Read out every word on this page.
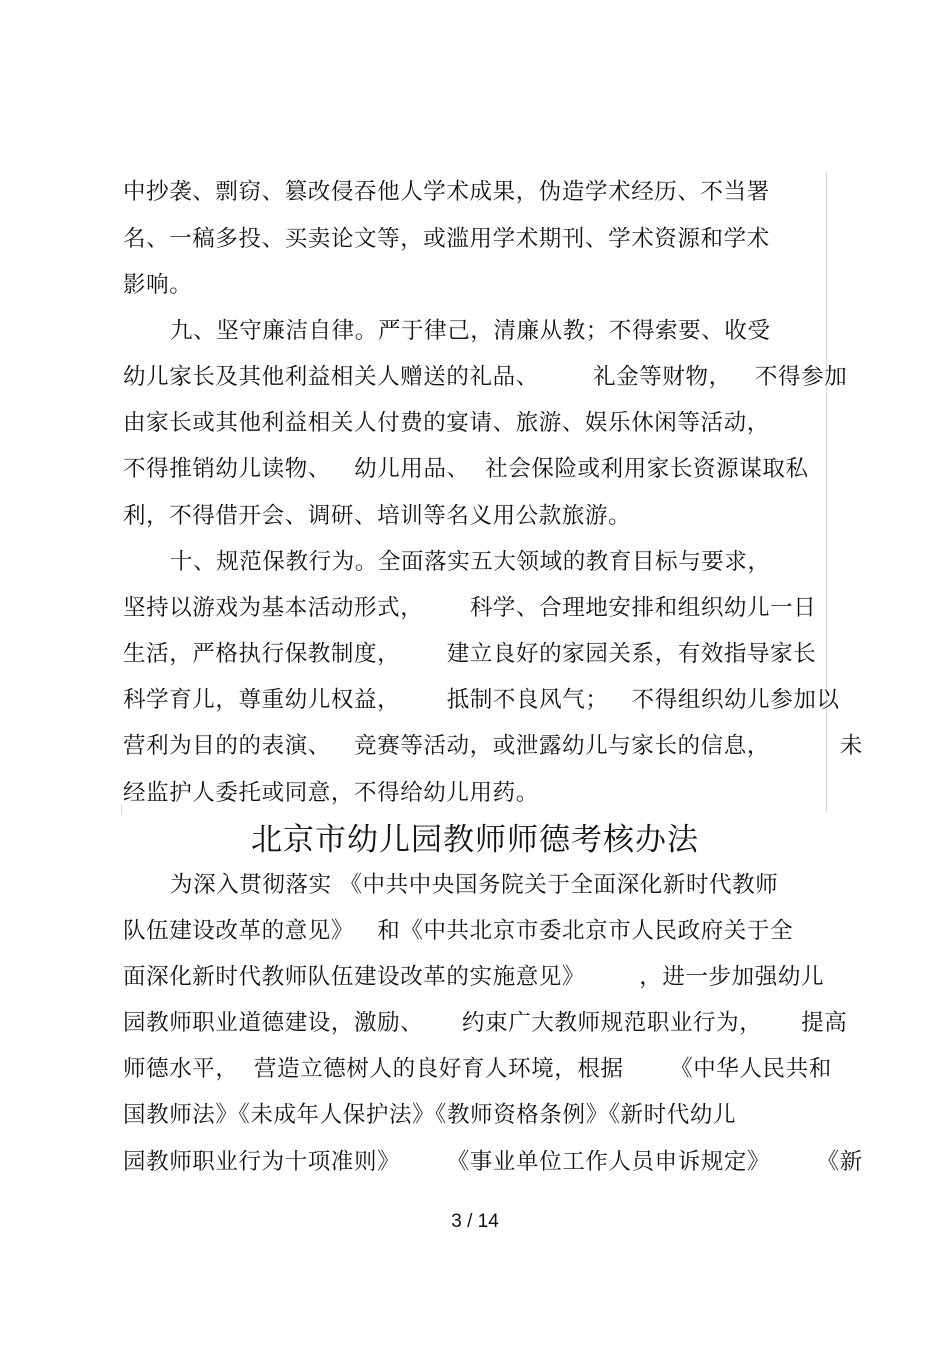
中抄袭、剽窃、篡改侵吞他人学术成果，伪造学术经历、不当署
名、一稿多投、买卖论文等，或滥用学术期刊、学术资源和学术
影响。
九、坚守廉洁自律。严于律己，清廉从教；不得索要、收受
幼儿家长及其他利益相关人赠送的礼品、       礼金等财物，   不得参加
由家长或其他利益相关人付费的宴请、旅游、娱乐休闲等活动，
不得推销幼儿读物、   幼儿用品、  社会保险或利用家长资源谋取私
利，不得借开会、调研、培训等名义用公款旅游。
十、规范保教行为。全面落实五大领域的教育目标与要求，
坚持以游戏为基本活动形式，      科学、合理地安排和组织幼儿一日
生活，严格执行保教制度，      建立良好的家园关系，有效指导家长
科学育儿，尊重幼儿权益，      抵制不良风气；   不得组织幼儿参加以
营利为目的的表演、   竞赛等活动，或泄露幼儿与家长的信息，         未
经监护人委托或同意，不得给幼儿用药。
北京市幼儿园教师师德考核办法
为深入贯彻落实 《中共中央国务院关于全面深化新时代教师
队伍建设改革的意见》   和《中共北京市委北京市人民政府关于全
面深化新时代教师队伍建设改革的实施意见》       ，进一步加强幼儿
园教师职业道德建设，激励、     约束广大教师规范职业行为，     提高
师德水平，  营造立德树人的良好育人环境，根据      《中华人民共和
国教师法》《未成年人保护法》《教师资格条例》《新时代幼儿
园教师职业行为十项准则》      《事业单位工作人员申诉规定》      《新
3 / 14
